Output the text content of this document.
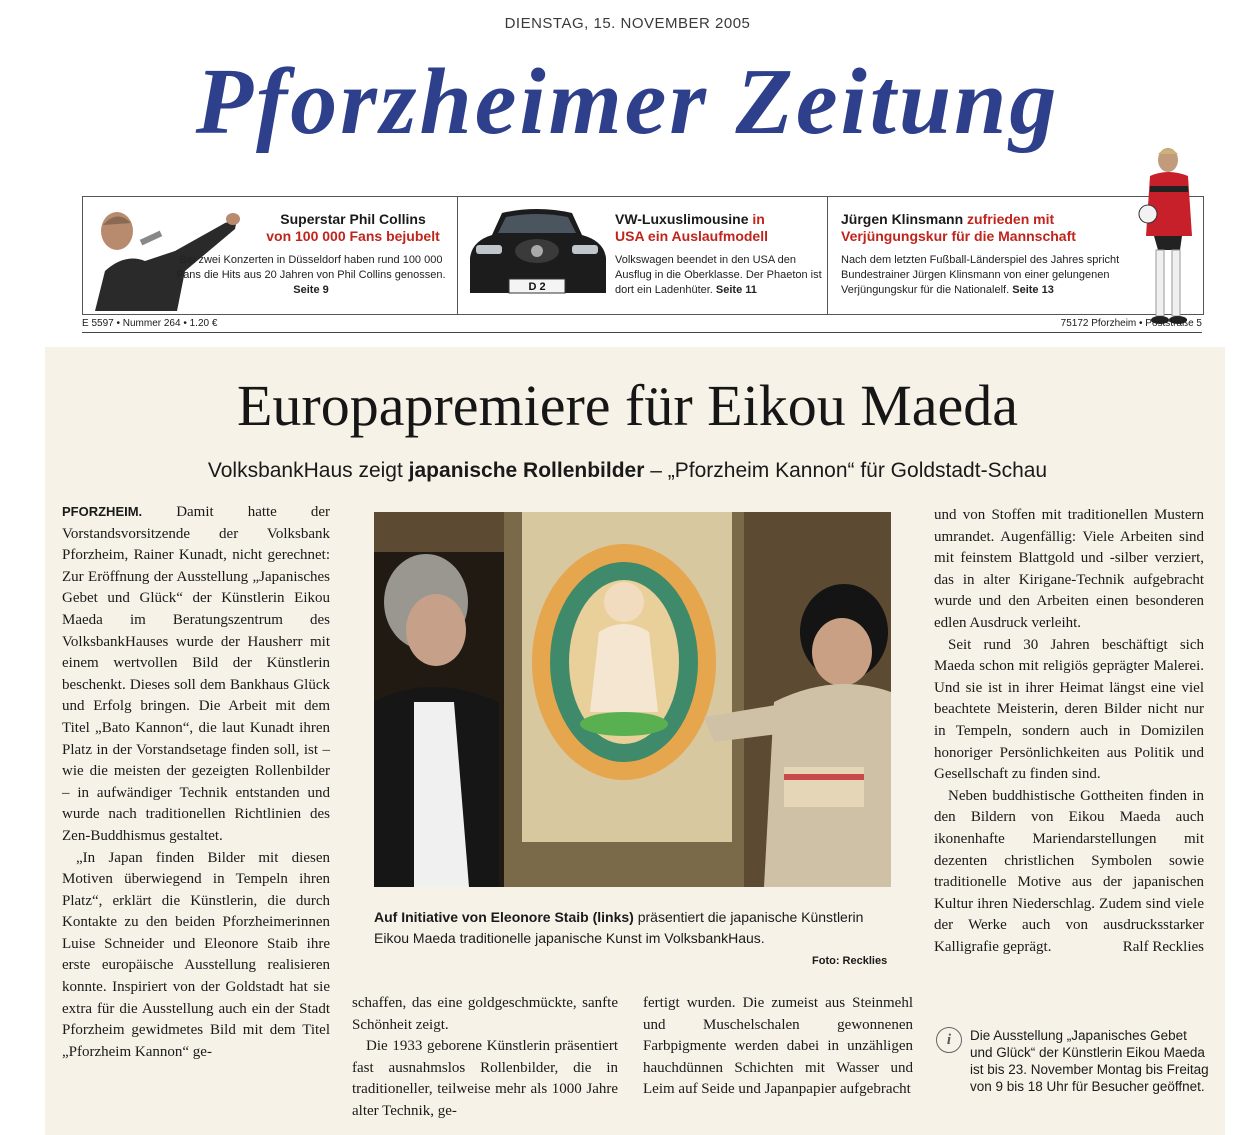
DIENSTAG, 15. NOVEMBER 2005
Pforzheimer Zeitung
Superstar Phil Collins
von 100 000 Fans bejubelt
Bei zwei Konzerten in Düsseldorf haben rund 100 000 Fans die Hits aus 20 Jahren von Phil Collins genossen. Seite 9	D 2
VW-Luxuslimousine in
USA ein Auslaufmodell
Volkswagen beendet in den USA den Ausflug in die Oberklasse. Der Phaeton ist dort ein Ladenhüter. Seite 11
Jürgen Klinsmann zufrieden mit
Verjüngungskur für die Mannschaft
Nach dem letzten Fußball-Länderspiel des Jahres spricht Bundestrainer Jürgen Klinsmann von einer gelungenen Verjüngungskur für die Nationalelf. Seite 13
E 5597 • Nummer 264 • 1.20 €	75172 Pforzheim • Poststraße 5
Europapremiere für Eikou Maeda
VolksbankHaus zeigt japanische Rollenbilder – „Pforzheim Kannon“ für Goldstadt-Schau

PFORZHEIM. Damit hatte der Vorstandsvorsitzende der Volksbank Pforzheim, Rainer Kunadt, nicht gerechnet: Zur Eröffnung der Ausstellung „Japanisches Gebet und Glück“ der Künstlerin Eikou Maeda im Beratungszentrum des VolksbankHauses wurde der Hausherr mit einem wertvollen Bild der Künstlerin beschenkt. Dieses soll dem Bankhaus Glück und Erfolg bringen. Die Arbeit mit dem Titel „Bato Kannon“, die laut Kunadt ihren Platz in der Vorstandsetage finden soll, ist – wie die meisten der gezeigten Rollenbilder – in aufwändiger Technik entstanden und wurde nach traditionellen Richtlinien des Zen-Buddhismus gestaltet.

„In Japan finden Bilder mit diesen Motiven überwiegend in Tempeln ihren Platz“, erklärt die Künstlerin, die durch Kontakte zu den beiden Pforzheimerinnen Luise Schneider und Eleonore Staib ihre erste europäische Ausstellung realisieren konnte. Inspiriert von der Goldstadt hat sie extra für die Ausstellung auch ein der Stadt Pforzheim gewidmetes Bild mit dem Titel „Pforzheim Kannon“ ge-

Auf Initiative von Eleonore Staib (links) präsentiert die japanische Künstlerin Eikou Maeda traditionelle japanische Kunst im VolksbankHaus.
Foto: Recklies

schaffen, das eine goldgeschmückte, sanfte Schönheit zeigt.

Die 1933 geborene Künstlerin präsentiert fast ausnahmslos Rollenbilder, die in traditioneller, teilweise mehr als 1000 Jahre alter Technik, ge-

fertigt wurden. Die zumeist aus Steinmehl und Muschelschalen gewonnenen Farbpigmente werden dabei in unzähligen hauchdünnen Schichten mit Wasser und Leim auf Seide und Japanpapier aufgebracht

und von Stoffen mit traditionellen Mustern umrandet. Augenfällig: Viele Arbeiten sind mit feinstem Blattgold und -silber verziert, das in alter Kirigane-Technik aufgebracht wurde und den Arbeiten einen besonderen edlen Ausdruck verleiht.

Seit rund 30 Jahren beschäftigt sich Maeda schon mit religiös geprägter Malerei. Und sie ist in ihrer Heimat längst eine viel beachtete Meisterin, deren Bilder nicht nur in Tempeln, sondern auch in Domizilen honoriger Persönlichkeiten aus Politik und Gesellschaft zu finden sind.

Neben buddhistische Gottheiten finden in den Bildern von Eikou Maeda auch ikonenhafte Mariendarstellungen mit dezenten christlichen Symbolen sowie traditionelle Motive aus der japanischen Kultur ihren Niederschlag. Zudem sind viele der Werke auch von ausdrucksstarker Kalligrafie geprägt.	Ralf Recklies

i	Die Ausstellung „Japanisches Gebet und Glück“ der Künstlerin Eikou Maeda ist bis 23. November Montag bis Freitag von 9 bis 18 Uhr für Besucher geöffnet.
